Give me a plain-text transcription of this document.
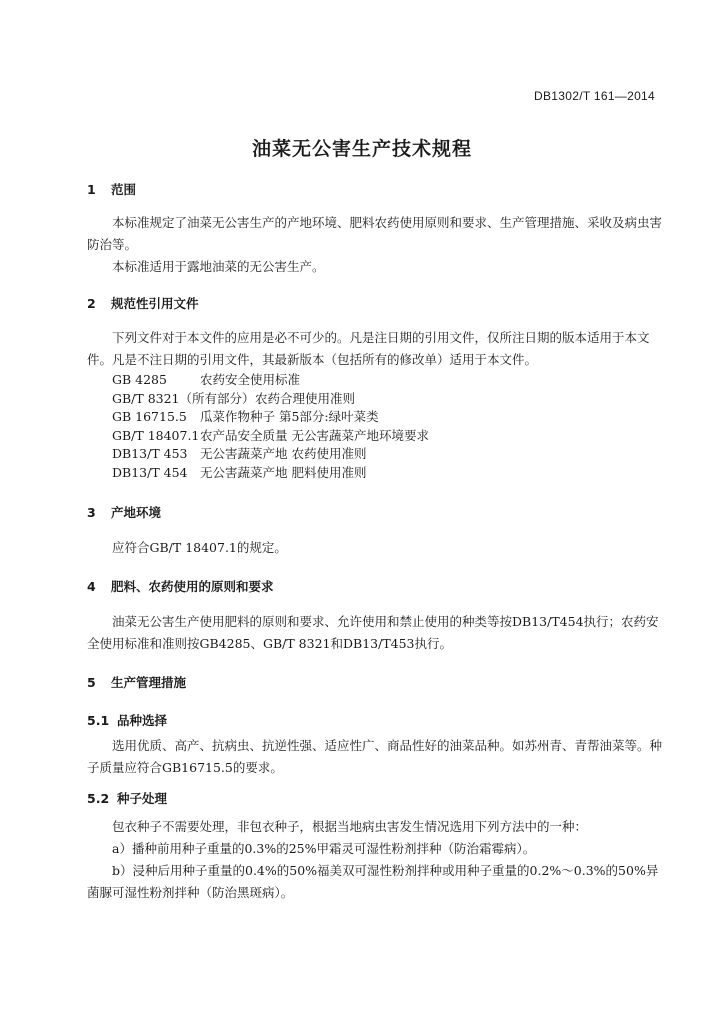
DB1302/T 161—2014
油菜无公害生产技术规程
1 范围
本标准规定了油菜无公害生产的产地环境、肥料农药使用原则和要求、生产管理措施、采收及病虫害防治等。
本标准适用于露地油菜的无公害生产。
2 规范性引用文件
下列文件对于本文件的应用是必不可少的。凡是注日期的引用文件，仅所注日期的版本适用于本文件。凡是不注日期的引用文件，其最新版本（包括所有的修改单）适用于本文件。
GB 4285	农药安全使用标准
GB/T 8321（所有部分）农药合理使用准则
GB 16715.5 瓜菜作物种子 第5部分:绿叶菜类
GB/T 18407.1农产品安全质量 无公害蔬菜产地环境要求
DB13/T 453 无公害蔬菜产地 农药使用准则
DB13/T 454 无公害蔬菜产地 肥料使用准则
3 产地环境
应符合GB/T 18407.1的规定。
4 肥料、农药使用的原则和要求
油菜无公害生产使用肥料的原则和要求、允许使用和禁止使用的种类等按DB13/T454执行；农药安全使用标准和准则按GB4285、GB/T 8321和DB13/T453执行。
5 生产管理措施
5.1 品种选择
选用优质、高产、抗病虫、抗逆性强、适应性广、商品性好的油菜品种。如苏州青、青帮油菜等。种子质量应符合GB16715.5的要求。
5.2 种子处理
包衣种子不需要处理，非包衣种子，根据当地病虫害发生情况选用下列方法中的一种：
a）播种前用种子重量的0.3%的25%甲霜灵可湿性粉剂拌种（防治霜霉病）。
b）浸种后用种子重量的0.4%的50%福美双可湿性粉剂拌种或用种子重量的0.2%～0.3%的50%异菌脲可湿性粉剂拌种（防治黑斑病）。
